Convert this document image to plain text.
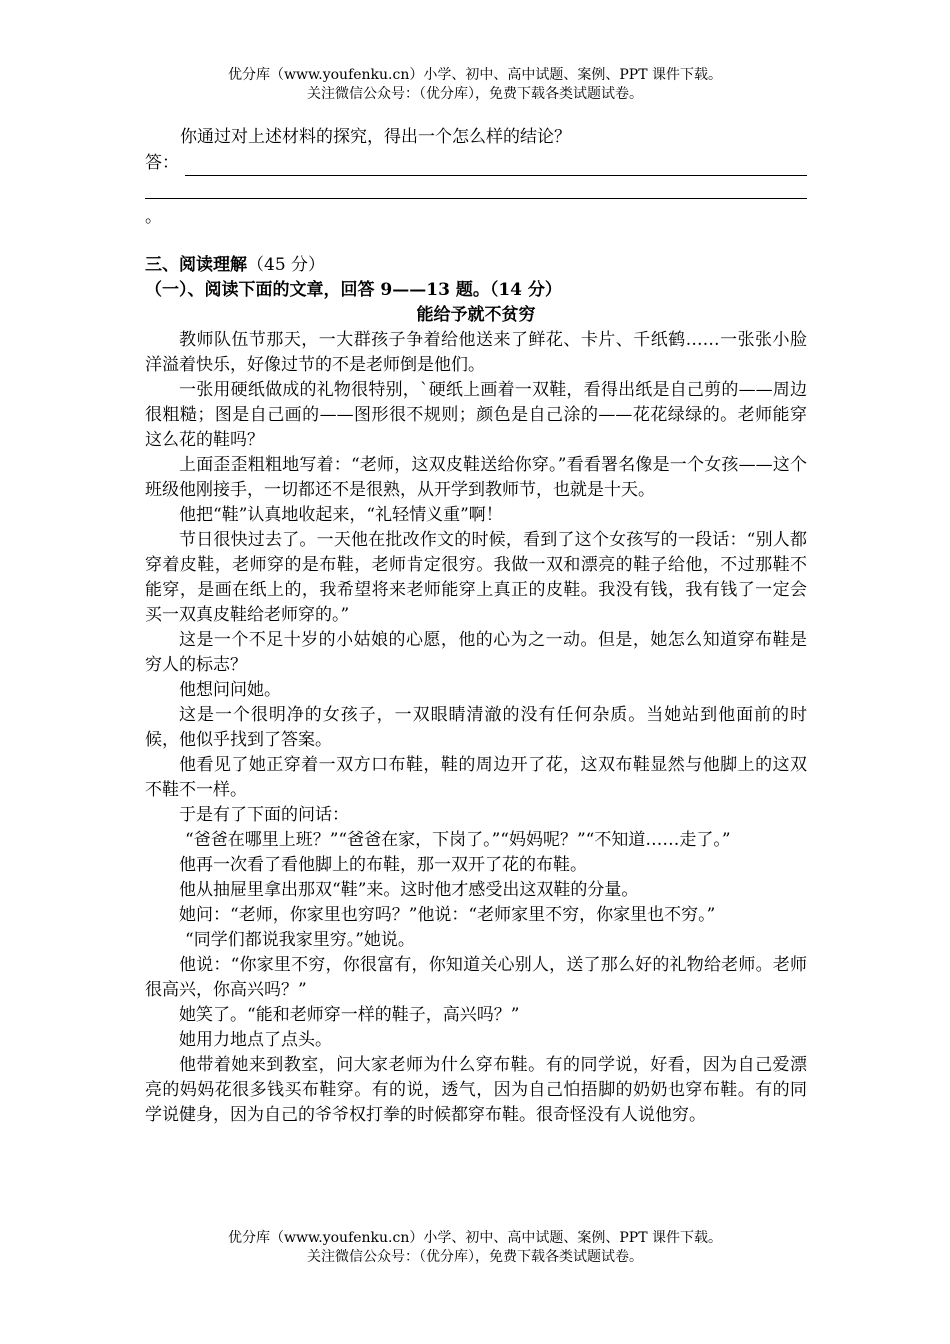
优分库（www.youfenku.cn）小学、初中、高中试题、案例、PPT 课件下载。
关注微信公众号：（优分库），免费下载各类试题试卷。

你通过对上述材料的探究，得出一个怎么样的结论？

答：
。
三、阅读理解（45 分）
（一）、阅读下面的文章，回答 9——13 题。（14 分）
能给予就不贫穷

教师队伍节那天，一大群孩子争着给他送来了鲜花、卡片、千纸鹤……一张张小脸洋溢着快乐，好像过节的不是老师倒是他们。

一张用硬纸做成的礼物很特别，`硬纸上画着一双鞋，看得出纸是自己剪的——周边很粗糙；图是自己画的——图形很不规则；颜色是自己涂的——花花绿绿的。老师能穿这么花的鞋吗？

上面歪歪粗粗地写着：“老师，这双皮鞋送给你穿。”看看署名像是一个女孩——这个班级他刚接手，一切都还不是很熟，从开学到教师节，也就是十天。

他把“鞋”认真地收起来，“礼轻情义重”啊！

节日很快过去了。一天他在批改作文的时候，看到了这个女孩写的一段话：“别人都穿着皮鞋，老师穿的是布鞋，老师肯定很穷。我做一双和漂亮的鞋子给他，不过那鞋不能穿，是画在纸上的，我希望将来老师能穿上真正的皮鞋。我没有钱，我有钱了一定会买一双真皮鞋给老师穿的。”

这是一个不足十岁的小姑娘的心愿，他的心为之一动。但是，她怎么知道穿布鞋是穷人的标志？

他想问问她。

这是一个很明净的女孩子，一双眼睛清澈的没有任何杂质。当她站到他面前的时候，他似乎找到了答案。

他看见了她正穿着一双方口布鞋，鞋的周边开了花，这双布鞋显然与他脚上的这双不鞋不一样。

于是有了下面的问话：

“爸爸在哪里上班？”“爸爸在家，下岗了。”“妈妈呢？”“不知道……走了。”

他再一次看了看他脚上的布鞋，那一双开了花的布鞋。

他从抽屉里拿出那双“鞋”来。这时他才感受出这双鞋的分量。

她问：“老师，你家里也穷吗？”他说：“老师家里不穷，你家里也不穷。”

“同学们都说我家里穷。”她说。

他说：“你家里不穷，你很富有，你知道关心别人，送了那么好的礼物给老师。老师很高兴，你高兴吗？”

她笑了。“能和老师穿一样的鞋子，高兴吗？”

她用力地点了点头。

他带着她来到教室，问大家老师为什么穿布鞋。有的同学说，好看，因为自己爱漂亮的妈妈花很多钱买布鞋穿。有的说，透气，因为自己怕捂脚的奶奶也穿布鞋。有的同学说健身，因为自己的爷爷权打拳的时候都穿布鞋。很奇怪没有人说他穷。

优分库（www.youfenku.cn）小学、初中、高中试题、案例、PPT 课件下载。
关注微信公众号：（优分库），免费下载各类试题试卷。
